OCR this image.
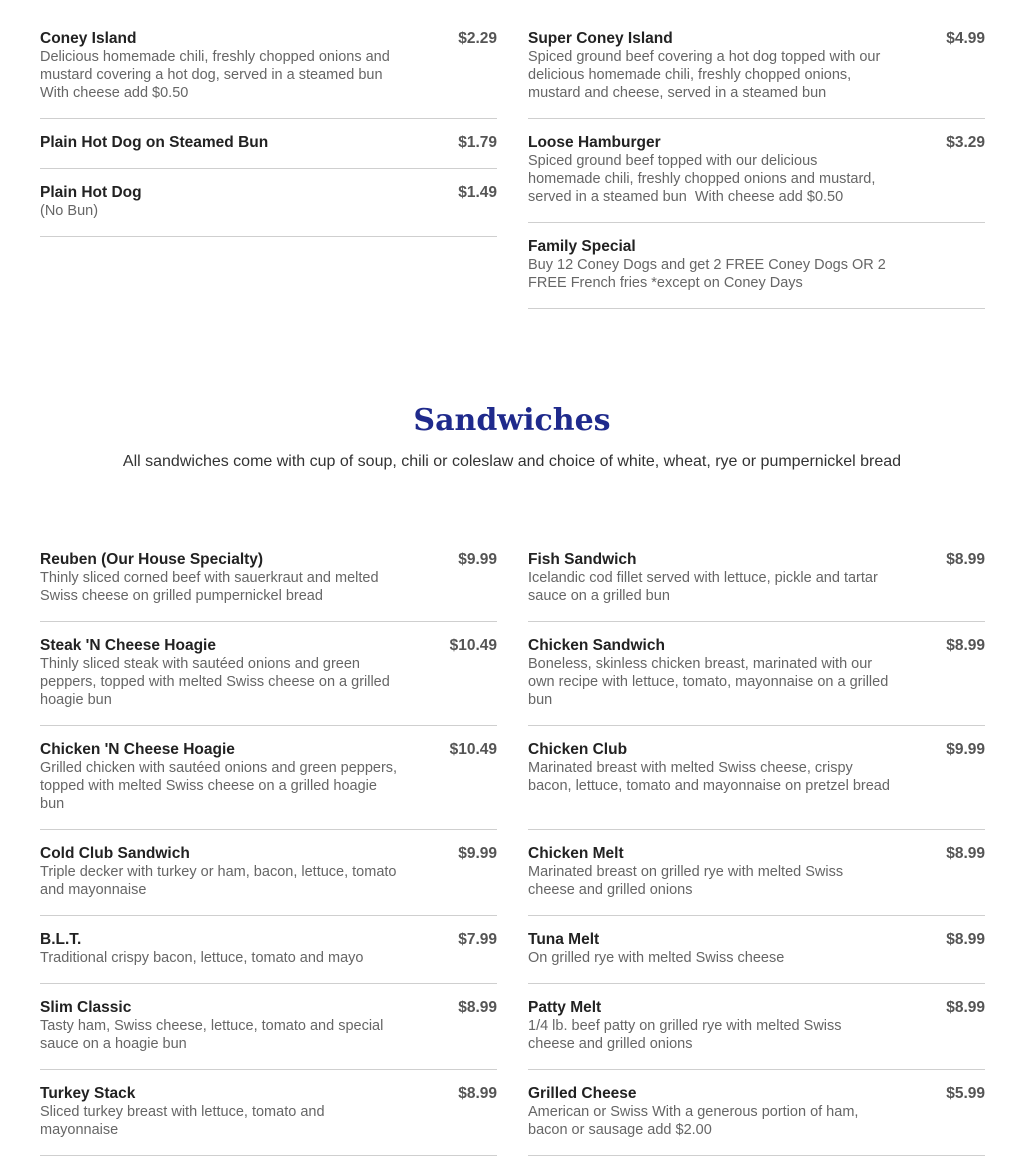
$2.29
Coney Island
Delicious homemade chili, freshly chopped onions and mustard covering a hot dog, served in a steamed bun   With cheese add $0.50
$1.79
Plain Hot Dog on Steamed Bun
$1.49
Plain Hot Dog
(No Bun)
$4.99
Super Coney Island
Spiced ground beef covering a hot dog topped with our delicious homemade chili, freshly chopped onions, mustard and cheese, served in a steamed bun
$3.29
Loose Hamburger
Spiced ground beef topped with our delicious homemade chili, freshly chopped onions and mustard, served in a steamed bun  With cheese add $0.50
Family Special
Buy 12 Coney Dogs and get 2 FREE Coney Dogs OR 2 FREE French fries *except on Coney Days
Sandwiches

All sandwiches come with cup of soup, chili or coleslaw and choice of white, wheat, rye or pumpernickel bread

$9.99
Reuben (Our House Specialty)
Thinly sliced corned beef with sauerkraut and melted Swiss cheese on grilled pumpernickel bread
$10.49
Steak 'N Cheese Hoagie
Thinly sliced steak with sautéed onions and green peppers, topped with melted Swiss cheese on a grilled hoagie bun
$10.49
Chicken 'N Cheese Hoagie
Grilled chicken with sautéed onions and green peppers, topped with melted Swiss cheese on a grilled hoagie bun
$9.99
Cold Club Sandwich
Triple decker with turkey or ham, bacon, lettuce, tomato and mayonnaise
$7.99
B.L.T.
Traditional crispy bacon, lettuce, tomato and mayo
$8.99
Slim Classic
Tasty ham, Swiss cheese, lettuce, tomato and special sauce on a hoagie bun
$8.99
Turkey Stack
Sliced turkey breast with lettuce, tomato and mayonnaise
$8.99
Fish Sandwich
Icelandic cod fillet served with lettuce, pickle and tartar sauce on a grilled bun
$8.99
Chicken Sandwich
Boneless, skinless chicken breast, marinated with our own recipe with lettuce, tomato, mayonnaise on a grilled bun
$9.99
Chicken Club
Marinated breast with melted Swiss cheese, crispy bacon, lettuce, tomato and mayonnaise on pretzel bread
$8.99
Chicken Melt
Marinated breast on grilled rye with melted Swiss cheese and grilled onions
$8.99
Tuna Melt
On grilled rye with melted Swiss cheese
$8.99
Patty Melt
1/4 lb. beef patty on grilled rye with melted Swiss cheese and grilled onions
$5.99
Grilled Cheese
American or Swiss With a generous portion of ham, bacon or sausage add $2.00
